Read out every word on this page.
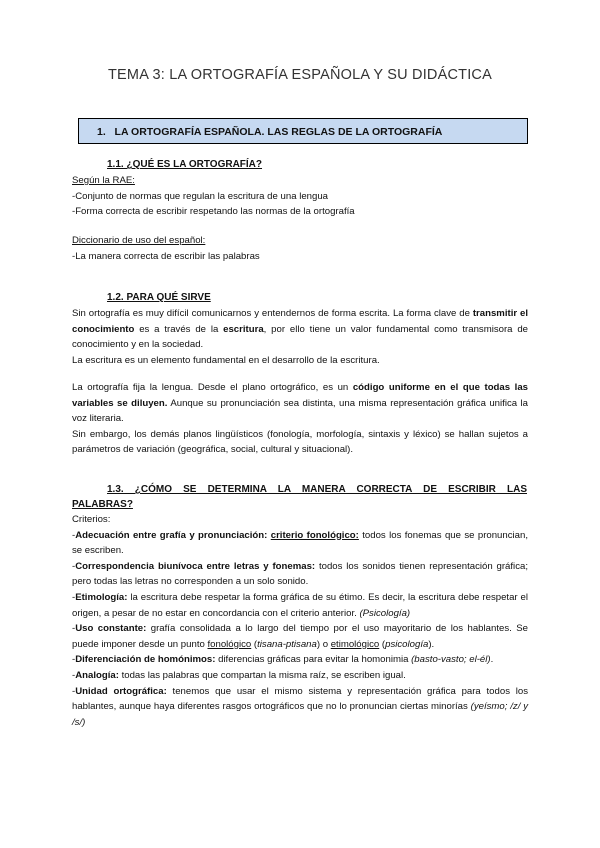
TEMA 3: LA ORTOGRAFÍA ESPAÑOLA Y SU DIDÁCTICA
1. LA ORTOGRAFÍA ESPAÑOLA. LAS REGLAS DE LA ORTOGRAFÍA
1.1. ¿QUÉ ES LA ORTOGRAFÍA?

Según la RAE:

-Conjunto de normas que regulan la escritura de una lengua

-Forma correcta de escribir respetando las normas de la ortografía

Diccionario de uso del español:

-La manera correcta de escribir las palabras

1.2. PARA QUÉ SIRVE

Sin ortografía es muy difícil comunicarnos y entendernos de forma escrita. La forma clave de transmitir el conocimiento es a través de la escritura, por ello tiene un valor fundamental como transmisora de conocimiento y en la sociedad.

La escritura es un elemento fundamental en el desarrollo de la escritura.

La ortografía fija la lengua. Desde el plano ortográfico, es un código uniforme en el que todas las variables se diluyen. Aunque su pronunciación sea distinta, una misma representación gráfica unifica la voz literaria.

Sin embargo, los demás planos lingüísticos (fonología, morfología, sintaxis y léxico) se hallan sujetos a parámetros de variación (geográfica, social, cultural y situacional).

1.3. ¿CÓMO SE DETERMINA LA MANERA CORRECTA DE ESCRIBIR LAS
PALABRAS?

Criterios:

-Adecuación entre grafía y pronunciación: criterio fonológico: todos los fonemas que se pronuncian, se escriben.

-Correspondencia biunívoca entre letras y fonemas: todos los sonidos tienen representación gráfica; pero todas las letras no corresponden a un solo sonido.

-Etimología: la escritura debe respetar la forma gráfica de su étimo. Es decir, la escritura debe respetar el origen, a pesar de no estar en concordancia con el criterio anterior. (Psicología)

-Uso constante: grafía consolidada a lo largo del tiempo por el uso mayoritario de los hablantes. Se puede imponer desde un punto fonológico (tisana-ptisana) o etimológico (psicología).

-Diferenciación de homónimos: diferencias gráficas para evitar la homonimia (basto-vasto; el-él).

-Analogía: todas las palabras que compartan la misma raíz, se escriben igual.

-Unidad ortográfica: tenemos que usar el mismo sistema y representación gráfica para todos los hablantes, aunque haya diferentes rasgos ortográficos que no lo pronuncian ciertas minorías (yeísmo; /z/ y /s/)
